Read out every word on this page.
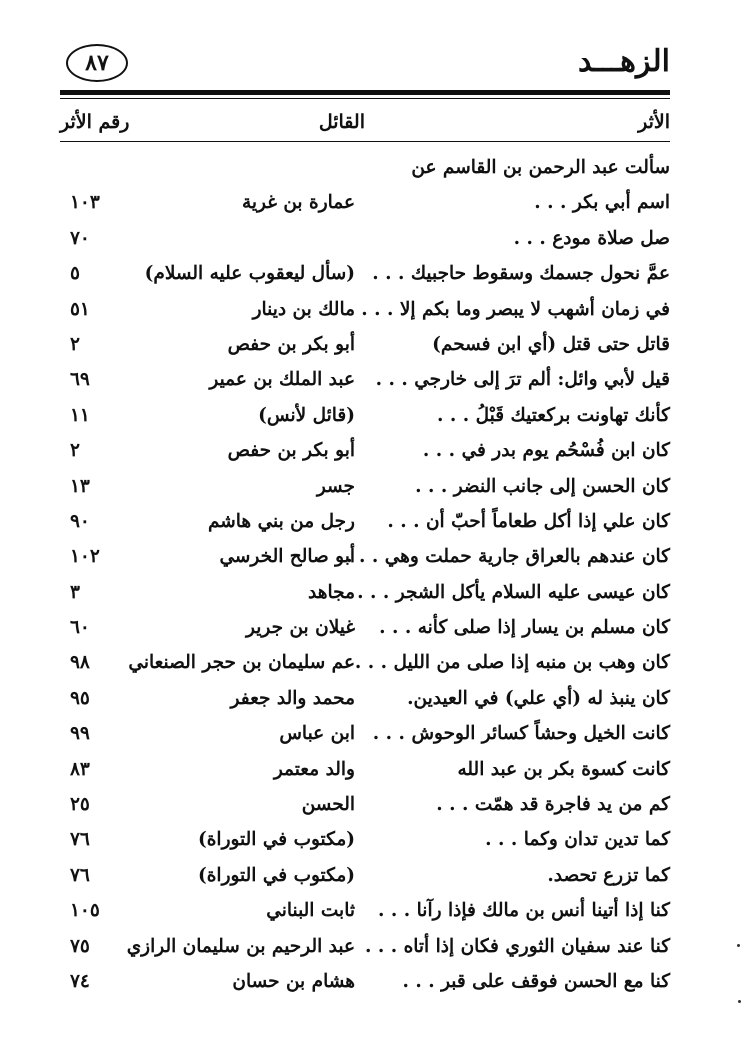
الزهـــد
٨٧
الأثر
القائل
رقم الأثر
سألت عبد الرحمن بن القاسم عن
اسم أبي بكر . . .
عمارة بن غرية
١٠٣
صل صلاة مودع . . .
٧٠
عمَّ نحول جسمك وسقوط حاجبيك . . .
(سأل ليعقوب عليه السلام)
٥
في زمان أشهب لا يبصر وما بكم إلا . . .
مالك بن دينار
٥١
قاتل حتى قتل (أي ابن فسحم)
أبو بكر بن حفص
٢
قيل لأبي وائل: ألم ترَ إلى خارجي . . .
عبد الملك بن عمير
٦٩
كأنك تهاونت بركعتيك قَبْلُ . . .
(قائل لأنس)
١١
كان ابن فُسْحُم يوم بدر في . . .
أبو بكر بن حفص
٢
كان الحسن إلى جانب النضر . . .
جسر
١٣
كان علي إذا أكل طعاماً أحبّ أن . . .
رجل من بني هاشم
٩٠
كان عندهم بالعراق جارية حملت وهي . . .
أبو صالح الخرسي
١٠٢
كان عيسى عليه السلام يأكل الشجر . . .
مجاهد
٣
كان مسلم بن يسار إذا صلى كأنه . . .
غيلان بن جرير
٦٠
كان وهب بن منبه إذا صلى من الليل . . .
عم سليمان بن حجر الصنعاني
٩٨
كان ينبذ له (أي علي) في العيدين.
محمد والد جعفر
٩٥
كانت الخيل وحشاً كسائر الوحوش . . .
ابن عباس
٩٩
كانت كسوة بكر بن عبد الله
والد معتمر
٨٣
كم من يد فاجرة قد همّت . . .
الحسن
٢٥
كما تدين تدان وكما . . .
(مكتوب في التوراة)
٧٦
كما تزرع تحصد.
(مكتوب في التوراة)
٧٦
كنا إذا أتينا أنس بن مالك فإذا رآنا . . .
ثابت البناني
١٠٥
كنا عند سفيان الثوري فكان إذا أتاه . . .
عبد الرحيم بن سليمان الرازي
٧٥
كنا مع الحسن فوقف على قبر . . .
هشام بن حسان
٧٤
